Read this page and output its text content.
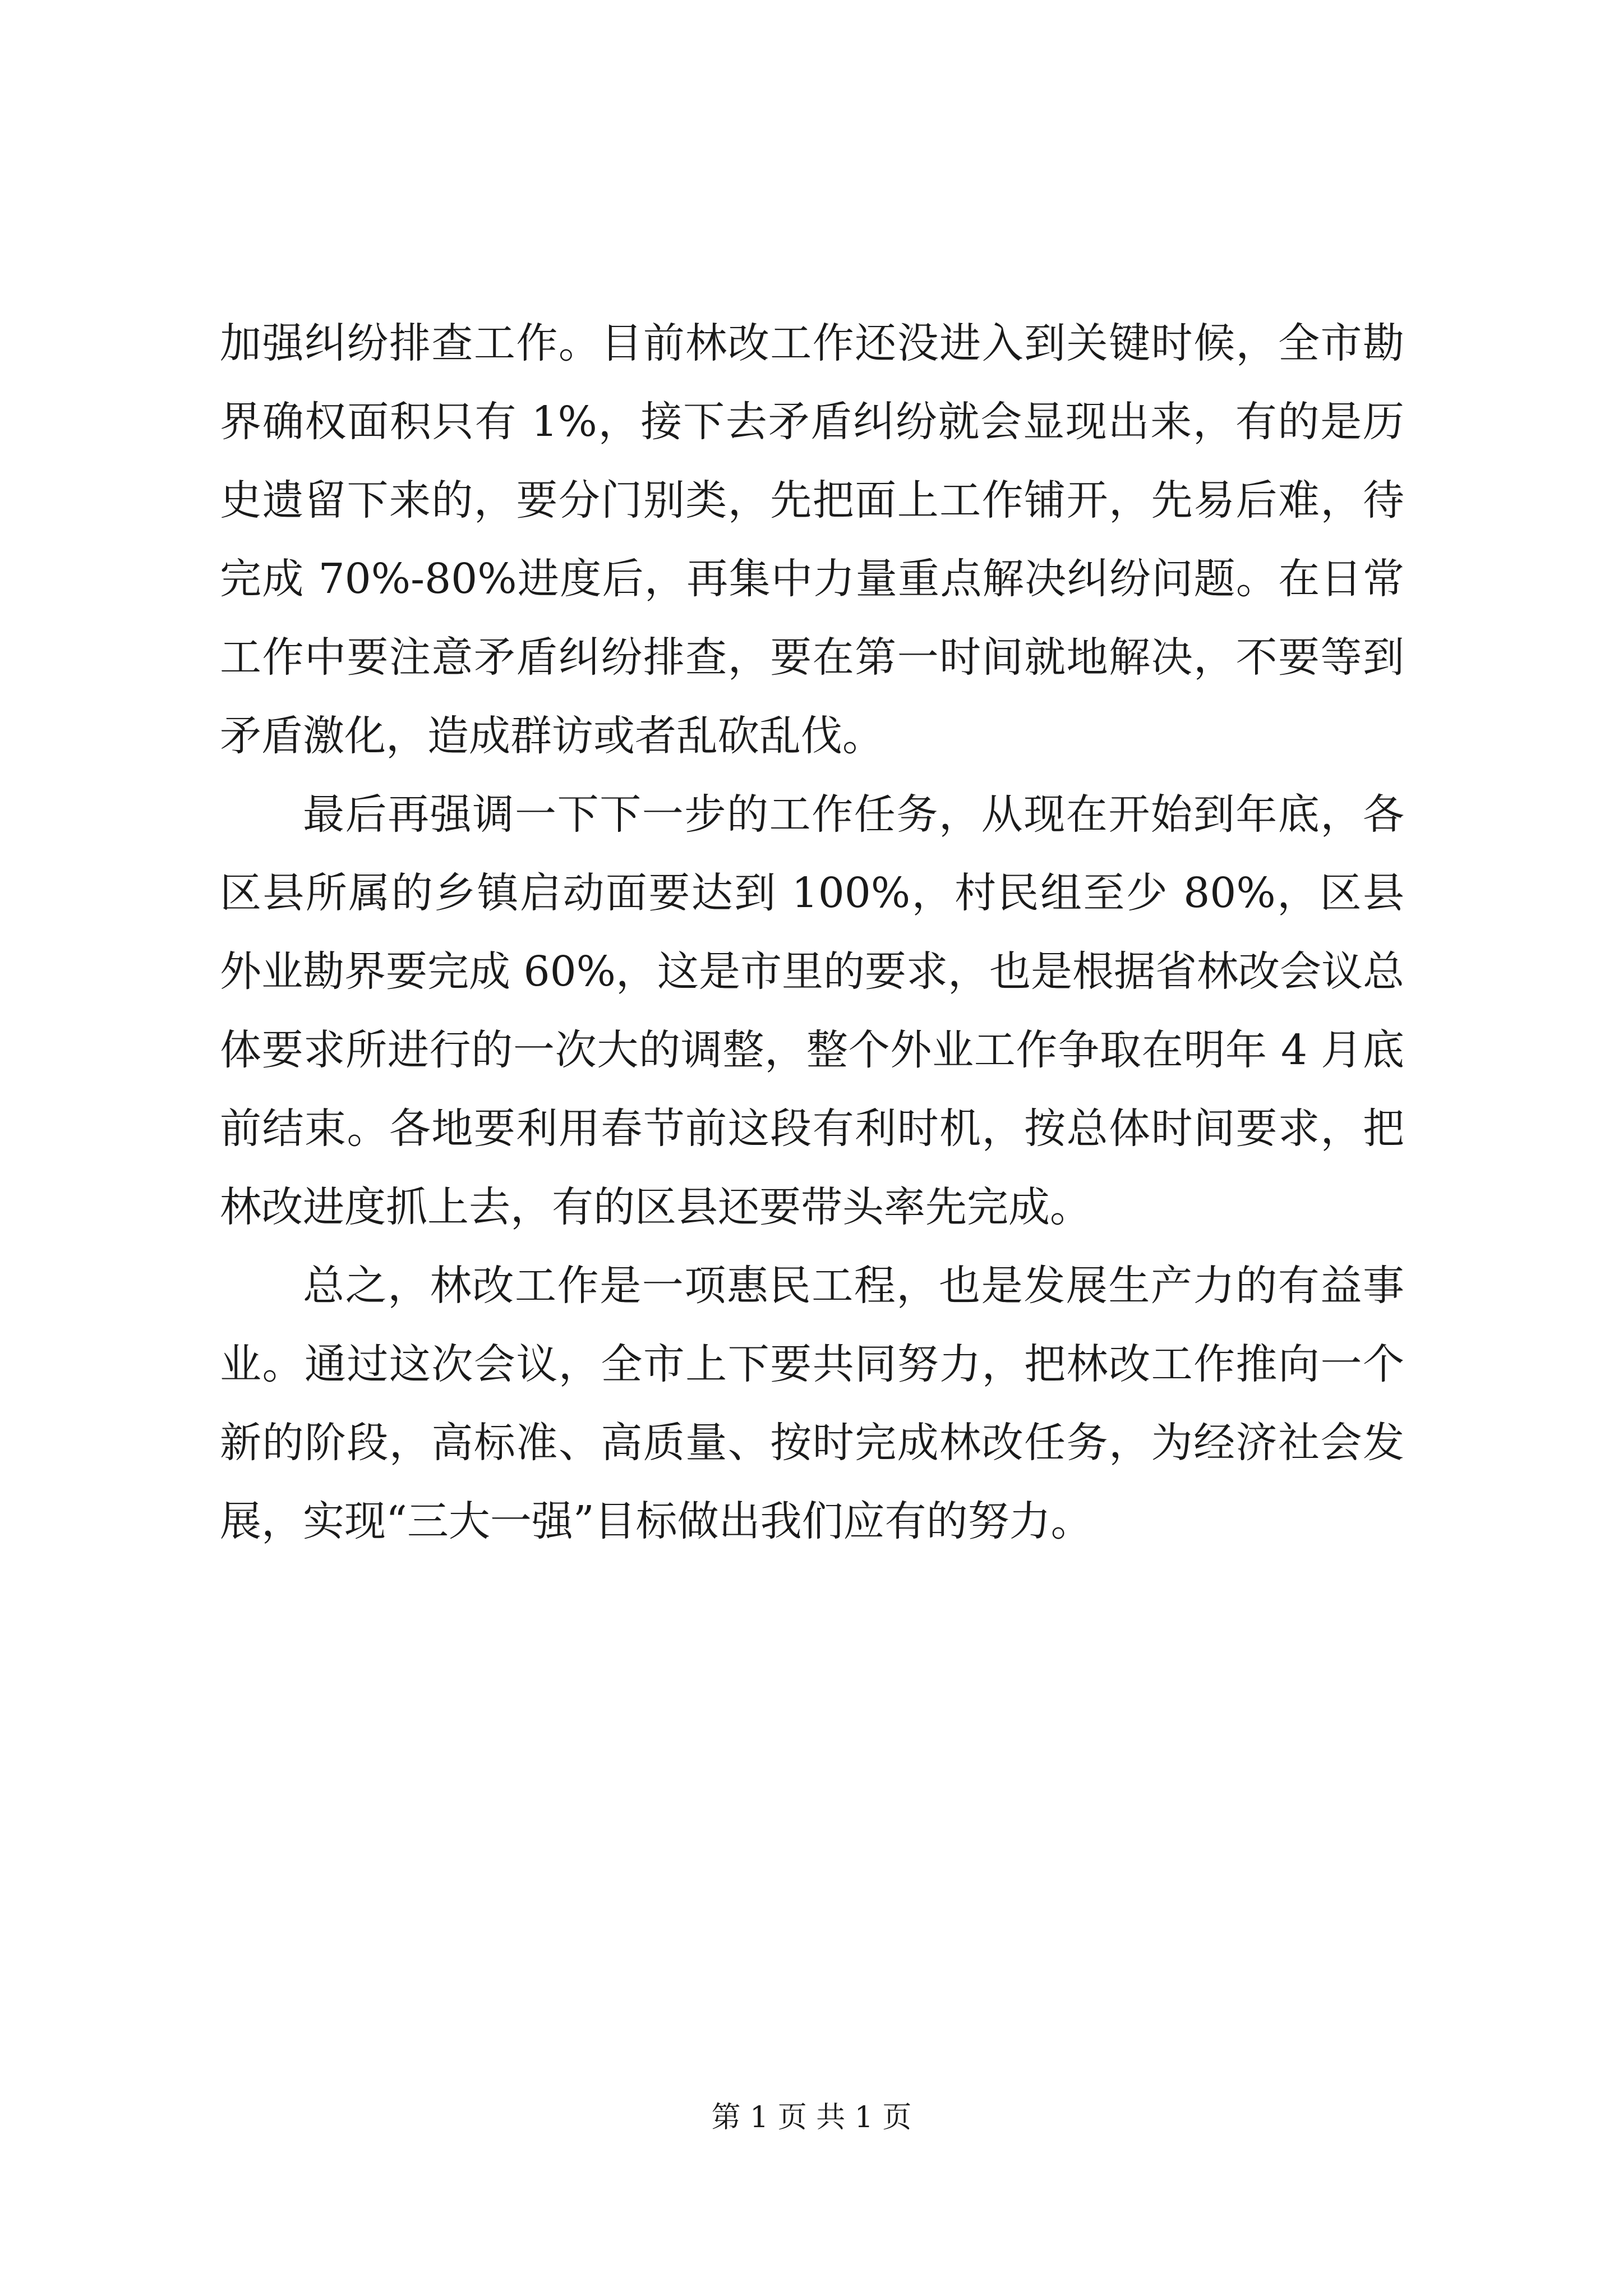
加强纠纷排查工作。目前林改工作还没进入到关键时候，全市勘界确权面积只有 1%，接下去矛盾纠纷就会显现出来，有的是历史遗留下来的，要分门别类，先把面上工作铺开，先易后难，待完成 70%-80%进度后，再集中力量重点解决纠纷问题。在日常工作中要注意矛盾纠纷排查，要在第一时间就地解决，不要等到矛盾激化，造成群访或者乱砍乱伐。

最后再强调一下下一步的工作任务，从现在开始到年底，各区县所属的乡镇启动面要达到 100%，村民组至少 80%，区县外业勘界要完成 60%，这是市里的要求，也是根据省林改会议总体要求所进行的一次大的调整，整个外业工作争取在明年 4 月底前结束。各地要利用春节前这段有利时机，按总体时间要求，把林改进度抓上去，有的区县还要带头率先完成。

总之，林改工作是一项惠民工程，也是发展生产力的有益事业。通过这次会议，全市上下要共同努力，把林改工作推向一个新的阶段，高标准、高质量、按时完成林改任务，为经济社会发展，实现“三大一强”目标做出我们应有的努力。

第 1 页 共 1 页
